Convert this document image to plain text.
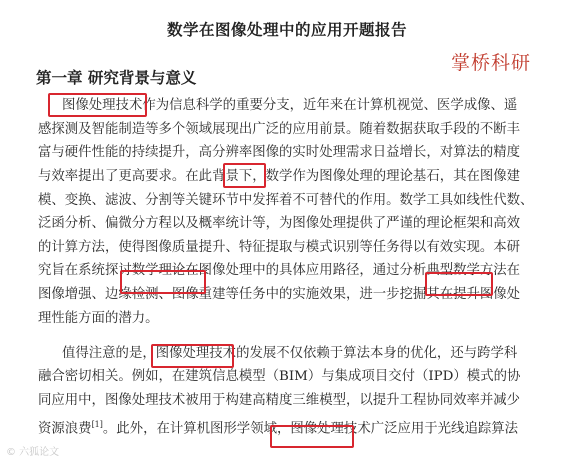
数学在图像处理中的应用开题报告
掌桥科研
第一章 研究背景与意义
图像处理技术作为信息科学的重要分支，近年来在计算机视觉、医学成像、遥
感探测及智能制造等多个领域展现出广泛的应用前景。随着数据获取手段的不断丰
富与硬件性能的持续提升，高分辨率图像的实时处理需求日益增长，对算法的精度
与效率提出了更高要求。在此背景下，数学作为图像处理的理论基石，其在图像建
模、变换、滤波、分割等关键环节中发挥着不可替代的作用。数学工具如线性代数、
泛函分析、偏微分方程以及概率统计等，为图像处理提供了严谨的理论框架和高效
的计算方法，使得图像质量提升、特征提取与模式识别等任务得以有效实现。本研
究旨在系统探讨数学理论在图像处理中的具体应用路径，通过分析典型数学方法在
图像增强、边缘检测、图像重建等任务中的实施效果，进一步挖掘其在提升图像处
理性能方面的潜力。
值得注意的是，图像处理技术的发展不仅依赖于算法本身的优化，还与跨学科
融合密切相关。例如，在建筑信息模型（BIM）与集成项目交付（IPD）模式的协
同应用中，图像处理技术被用于构建高精度三维模型，以提升工程协同效率并减少
资源浪费[1]。此外，在计算机图形学领域，图像处理技术广泛应用于光线追踪算法
© 六狐论文
